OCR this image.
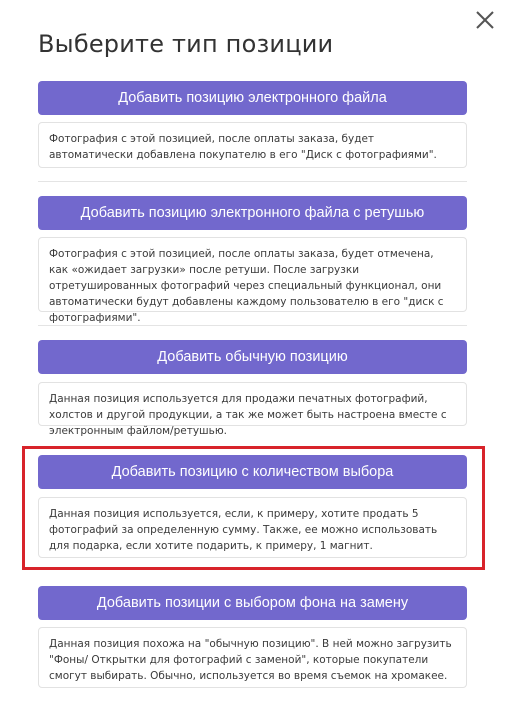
Выберите тип позиции
Добавить позицию электронного файла
Фотография с этой позицией, после оплаты заказа, будет автоматически добавлена покупателю в его "Диск с фотографиями".
Добавить позицию электронного файла с ретушью
Фотография с этой позицией, после оплаты заказа, будет отмечена, как «ожидает загрузки» после ретуши. После загрузки отретушированных фотографий через специальный функционал, они автоматически будут добавлены каждому пользователю в его "диск с фотографиями".
Добавить обычную позицию
Данная позиция используется для продажи печатных фотографий, холстов и другой продукции, а так же может быть настроена вместе с электронным файлом/ретушью.
Добавить позицию с количеством выбора
Данная позиция используется, если, к примеру, хотите продать 5 фотографий за определенную сумму. Также, ее можно использовать для подарка, если хотите подарить, к примеру, 1 магнит.
Добавить позиции с выбором фона на замену
Данная позиция похожа на "обычную позицию". В ней можно загрузить "Фоны/ Открытки для фотографий с заменой", которые покупатели смогут выбирать. Обычно, используется во время съемок на хромакее.
